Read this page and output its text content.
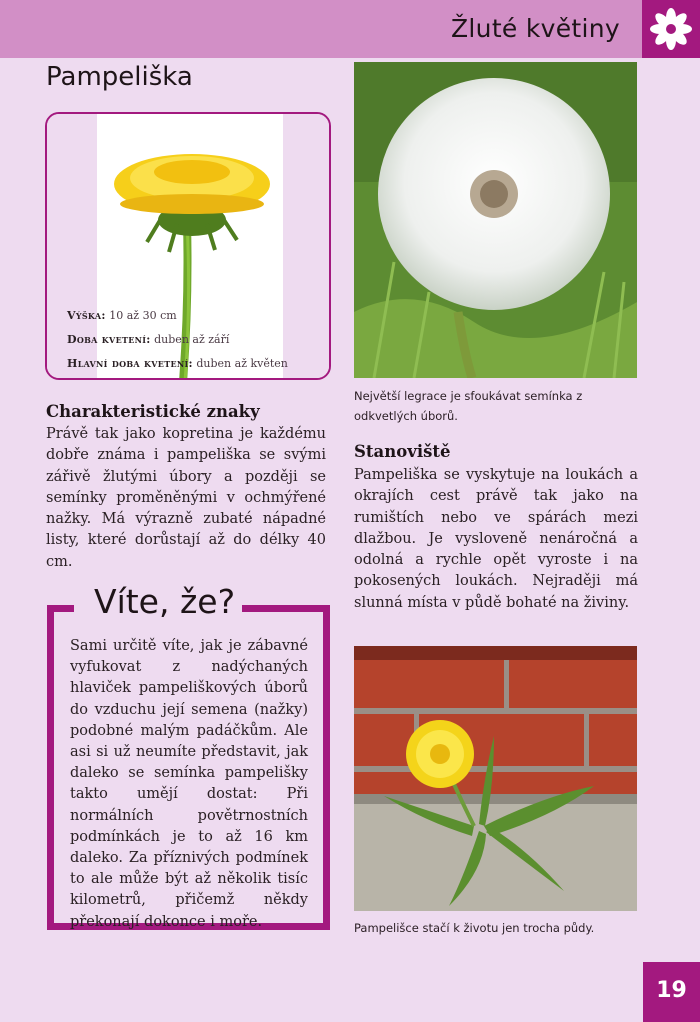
Žluté květiny
Pampeliška
Výška: 10 až 30 cm
Doba kvetení: duben až září
Hlavní doba kvetení: duben až květen
Největší legrace je sfoukávat semínka z odkvetlých úborů.
Charakteristické znaky
Právě tak jako kopretina je každému dobře známa i pampeliška se svými zářivě žlutými úbory a později se semínky proměněnými v ochmýřené nažky. Má výrazně zubaté nápadné listy, které dorůstají až do délky 40 cm.
Stanoviště
Pampeliška se vyskytuje na loukách a okrajích cest právě tak jako na rumištích nebo ve spárách mezi dlažbou. Je vysloveně nenáročná a odolná a rychle opět vyroste i na pokosených loukách. Nejraději má slunná místa v půdě bohaté na živiny.
Víte, že?
Sami určitě víte, jak je zábavné vyfukovat z nadýchaných hlaviček pampeliškových úborů do vzduchu její semena (nažky) podobné malým padáčkům. Ale asi si už neumíte představit, jak daleko se semínka pampelišky takto umějí dostat: Při normálních povětrnostních podmínkách je to až 16 km daleko. Za příznivých podmínek to ale může být až několik tisíc kilometrů, přičemž někdy překonají dokonce i moře.	Pampelišce stačí k životu jen trocha půdy.
19
